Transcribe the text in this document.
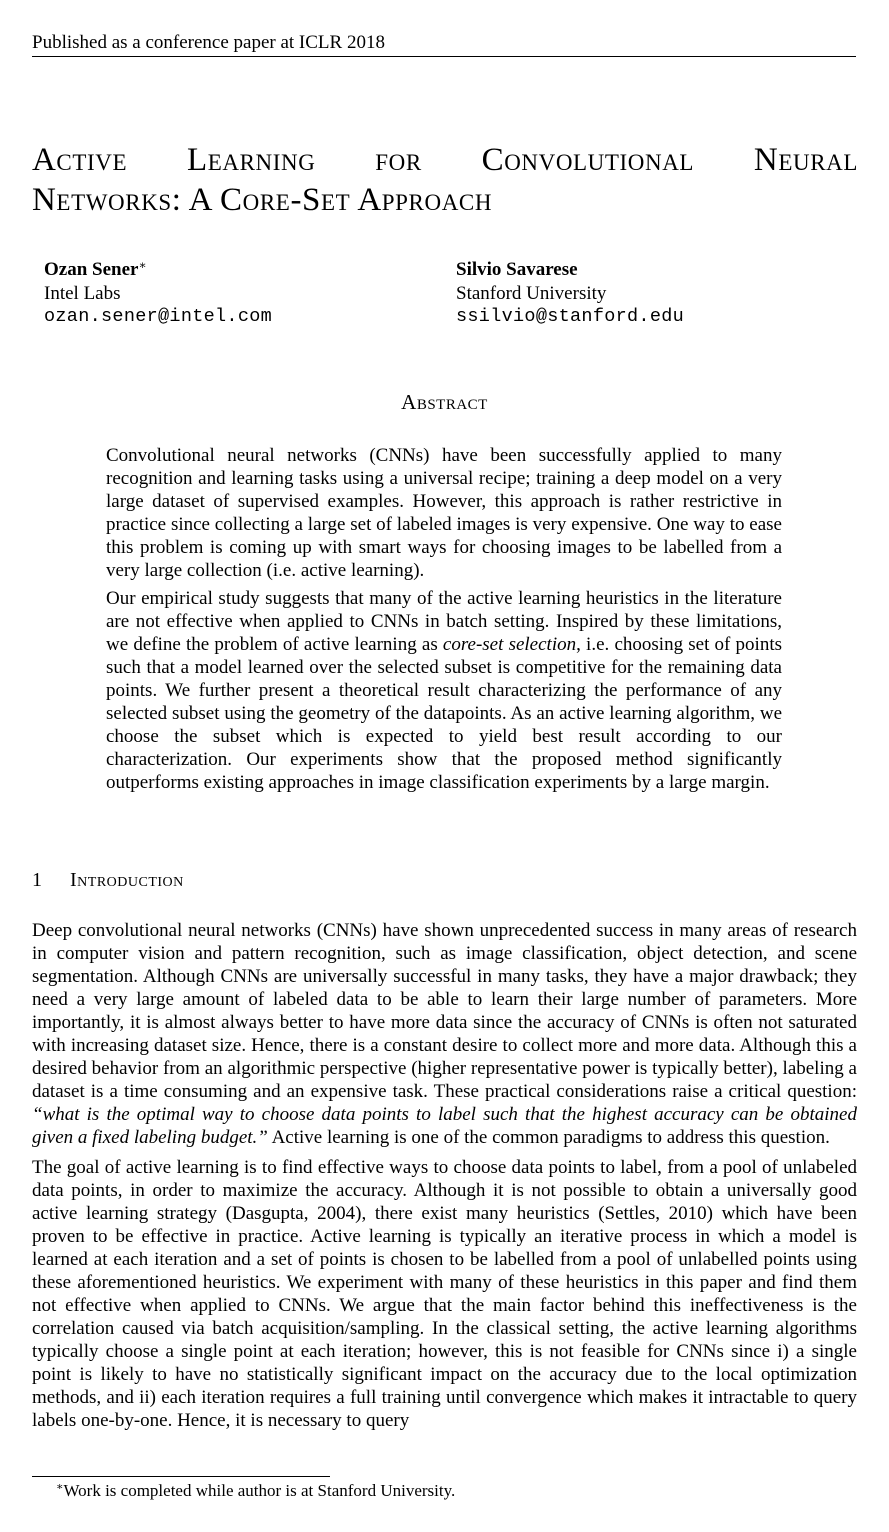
Published as a conference paper at ICLR 2018
Active Learning for Convolutional Neural
Networks: A Core-Set Approach
Ozan Sener∗
Intel Labs
ozan.sener@intel.com
Silvio Savarese
Stanford University
ssilvio@stanford.edu
Abstract

Convolutional neural networks (CNNs) have been successfully applied to many recognition and learning tasks using a universal recipe; training a deep model on a very large dataset of supervised examples. However, this approach is rather restrictive in practice since collecting a large set of labeled images is very expensive. One way to ease this problem is coming up with smart ways for choosing images to be labelled from a very large collection (i.e. active learning).

Our empirical study suggests that many of the active learning heuristics in the literature are not effective when applied to CNNs in batch setting. Inspired by these limitations, we define the problem of active learning as core-set selection, i.e. choosing set of points such that a model learned over the selected subset is competitive for the remaining data points. We further present a theoretical result characterizing the performance of any selected subset using the geometry of the datapoints. As an active learning algorithm, we choose the subset which is expected to yield best result according to our characterization. Our experiments show that the proposed method significantly outperforms existing approaches in image classification experiments by a large margin.

1 Introduction

Deep convolutional neural networks (CNNs) have shown unprecedented success in many areas of research in computer vision and pattern recognition, such as image classification, object detection, and scene segmentation. Although CNNs are universally successful in many tasks, they have a major drawback; they need a very large amount of labeled data to be able to learn their large number of parameters. More importantly, it is almost always better to have more data since the accuracy of CNNs is often not saturated with increasing dataset size. Hence, there is a constant desire to collect more and more data. Although this a desired behavior from an algorithmic perspective (higher representative power is typically better), labeling a dataset is a time consuming and an expensive task. These practical considerations raise a critical question: “what is the optimal way to choose data points to label such that the highest accuracy can be obtained given a fixed labeling budget.” Active learning is one of the common paradigms to address this question.

The goal of active learning is to find effective ways to choose data points to label, from a pool of unlabeled data points, in order to maximize the accuracy. Although it is not possible to obtain a universally good active learning strategy (Dasgupta, 2004), there exist many heuristics (Settles, 2010) which have been proven to be effective in practice. Active learning is typically an iterative process in which a model is learned at each iteration and a set of points is chosen to be labelled from a pool of unlabelled points using these aforementioned heuristics. We experiment with many of these heuristics in this paper and find them not effective when applied to CNNs. We argue that the main factor behind this ineffectiveness is the correlation caused via batch acquisition/sampling. In the classical setting, the active learning algorithms typically choose a single point at each iteration; however, this is not feasible for CNNs since i) a single point is likely to have no statistically significant impact on the accuracy due to the local optimization methods, and ii) each iteration requires a full training until convergence which makes it intractable to query labels one-by-one. Hence, it is necessary to query

∗Work is completed while author is at Stanford University.
